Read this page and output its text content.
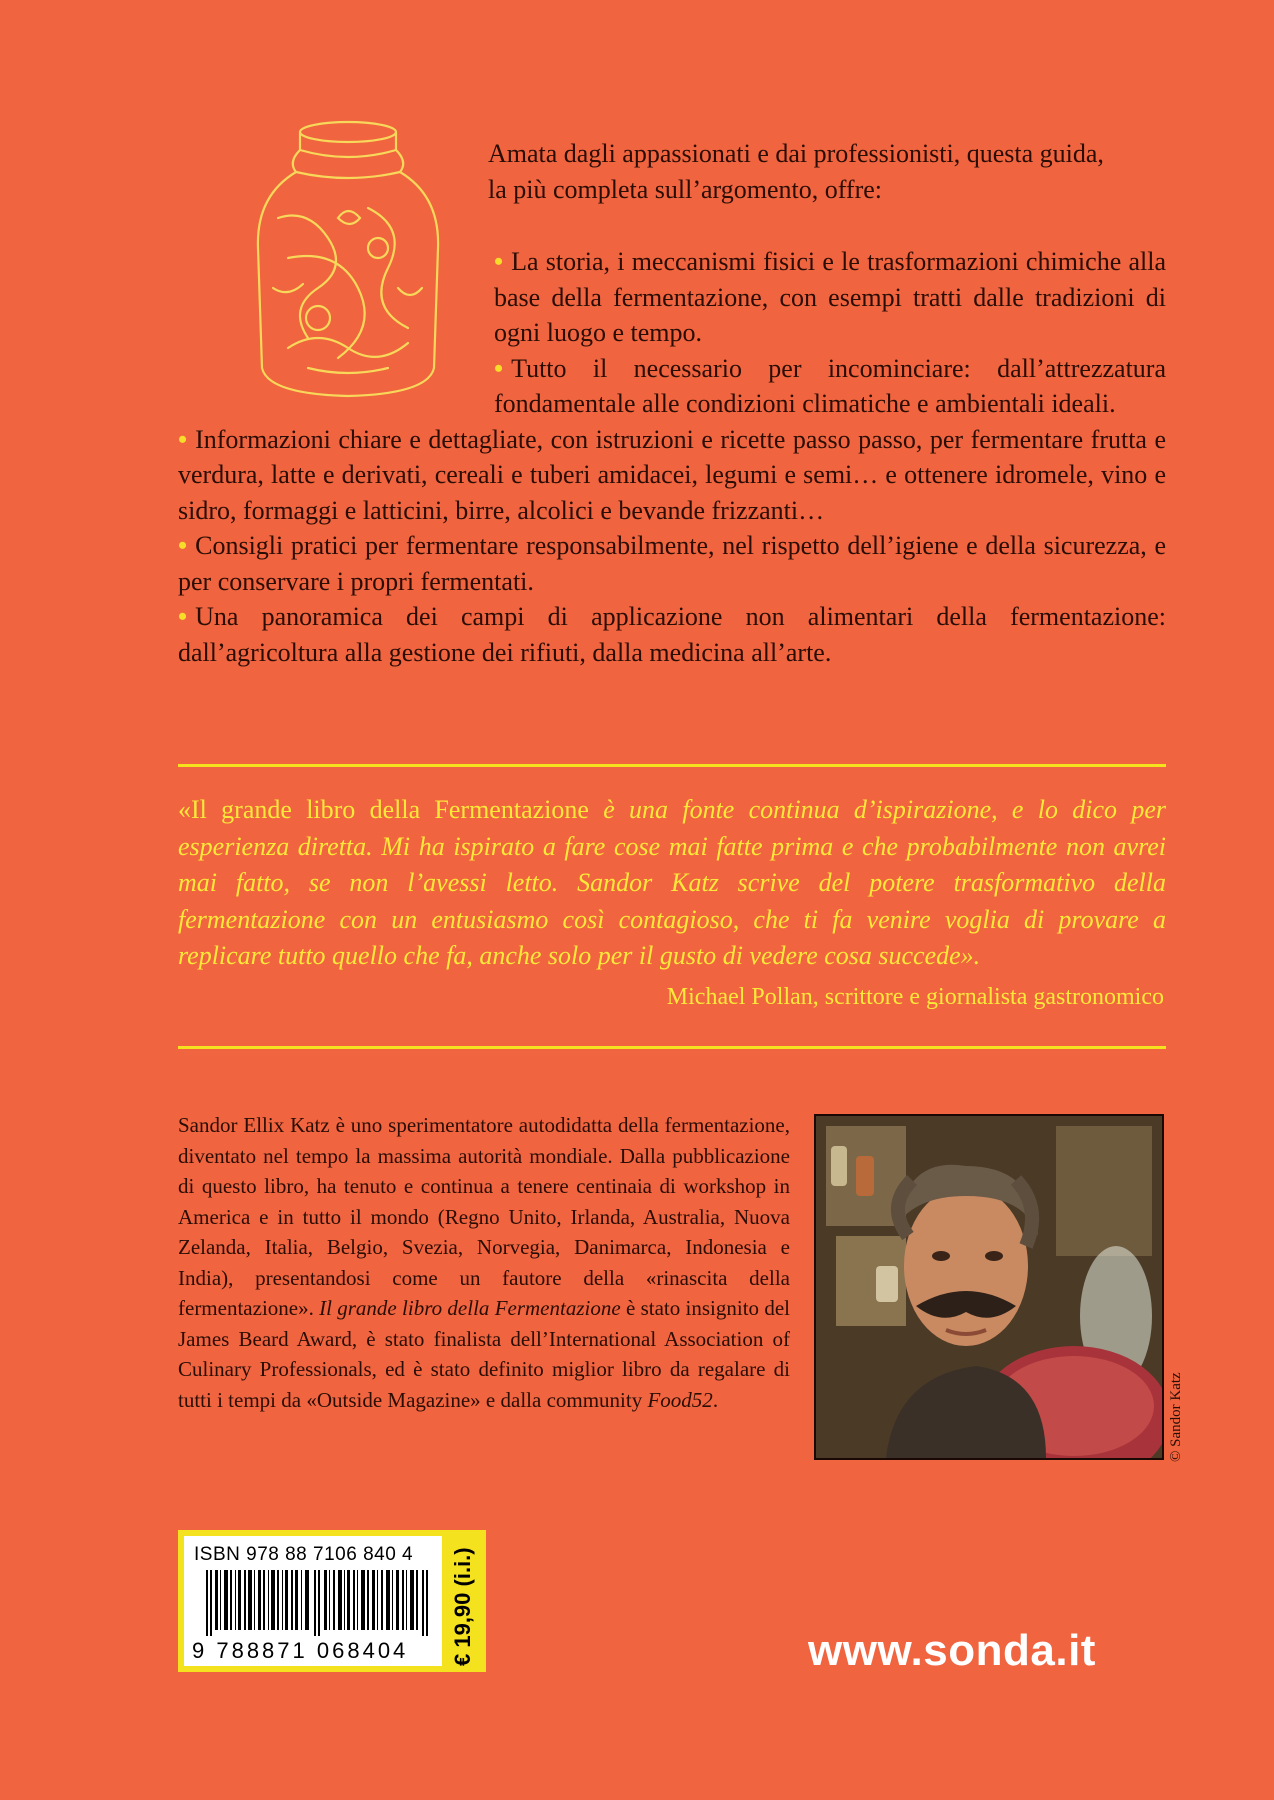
Amata dagli appassionati e dai professionisti, questa guida,
la più completa sull’argomento, offre:

• La storia, i meccanismi fisici e le trasformazioni chimiche alla base della fermentazione, con esempi tratti dalle tradizioni di ogni luogo e tempo.
• Tutto il necessario per incominciare: dall’attrezzatura fondamentale alle condizioni climatiche e ambientali ideali.
• Informazioni chiare e dettagliate, con istruzioni e ricette passo passo, per fermentare frutta e verdura, latte e derivati, cereali e tuberi amidacei, legumi e semi… e ottenere idromele, vino e sidro, formaggi e latticini, birre, alcolici e bevande frizzanti…
• Consigli pratici per fermentare responsabilmente, nel rispetto dell’igiene e della sicurezza, e per conservare i propri fermentati.
• Una panoramica dei campi di applicazione non alimentari della fermentazione: dall’agricoltura alla gestione dei rifiuti, dalla medicina all’arte.

«Il grande libro della Fermentazione è una fonte continua d’ispirazione, e lo dico per esperienza diretta. Mi ha ispirato a fare cose mai fatte prima e che probabilmente non avrei mai fatto, se non l’avessi letto. Sandor Katz scrive del potere trasformativo della fermentazione con un entusiasmo così contagioso, che ti fa venire voglia di provare a replicare tutto quello che fa, anche solo per il gusto di vedere cosa succede».

Michael Pollan, scrittore e giornalista gastronomico

Sandor Ellix Katz è uno sperimentatore autodidatta della fermentazione, diventato nel tempo la massima autorità mondiale. Dalla pubblicazione di questo libro, ha tenuto e continua a tenere centinaia di workshop in America e in tutto il mondo (Regno Unito, Irlanda, Australia, Nuova Zelanda, Italia, Belgio, Svezia, Norvegia, Danimarca, Indonesia e India), presentandosi come un fautore della «rinascita della fermentazione». Il grande libro della Fermentazione è stato insignito del James Beard Award, è stato finalista dell’International Association of Culinary Professionals, ed è stato definito miglior libro da regalare di tutti i tempi da «Outside Magazine» e dalla community Food52.	© Sandor Katz
ISBN 978 88 7106 840 4
9 788871 068404 € 19,90 (i.i.)	www.sonda.it
